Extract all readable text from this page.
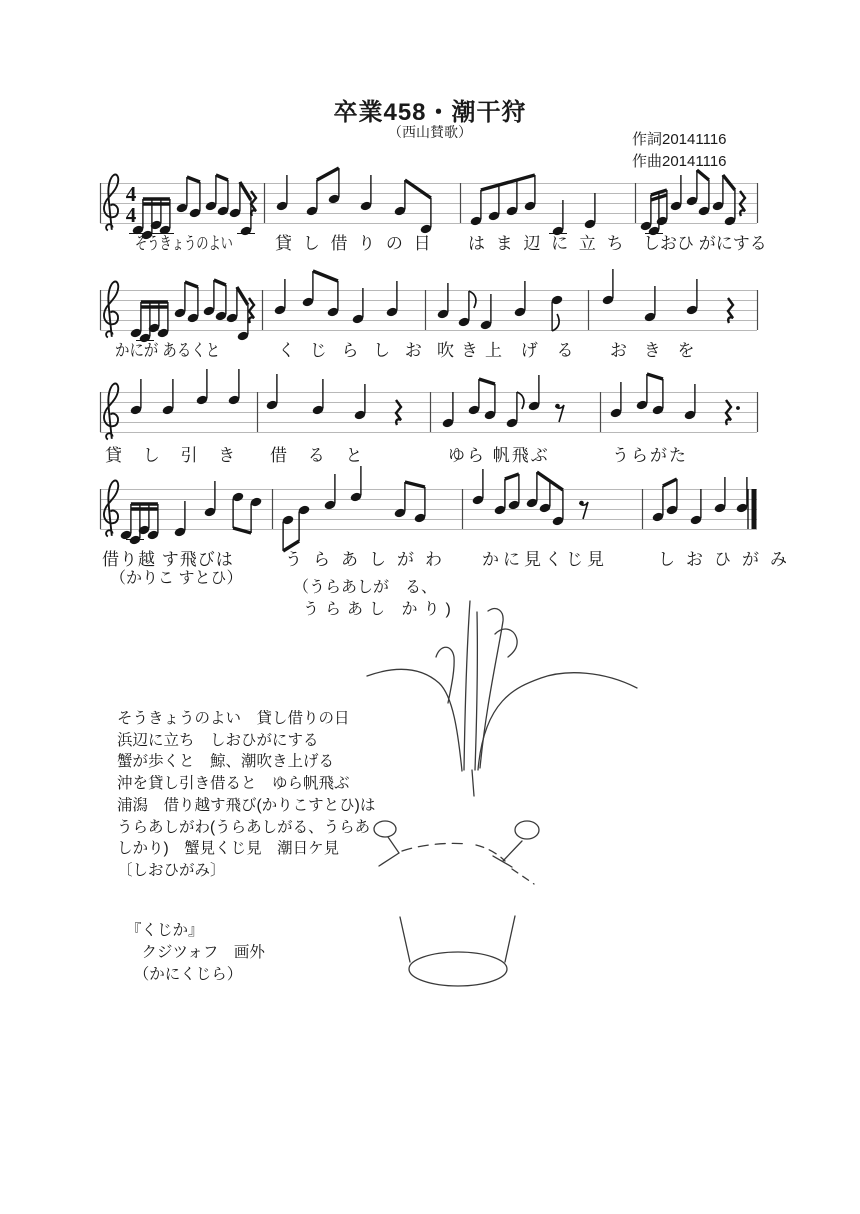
4
4
卒業458・潮干狩
（西山賛歌）	作詞20141116
作曲20141116
そうきょうのよい	貸 し 借 り の 日 は ま 辺 に 立 ち しおひ がにする
かにが あるくと	く じ ら し お 吹き上 げ る お き を
貸 し 引 き 借 る と	ゆら 帆飛ぶ	うらがた
借り越 す飛びは	うらあしがわ かに見くじ見	しおひがみ
（かりこ すとひ）
（うらあしが　る、
うらあし かり)
そうきょうのよい　貸し借りの日
浜辺に立ち　しおひがにする
蟹が歩くと　鯨、潮吹き上げる
沖を貸し引き借ると　ゆら帆飛ぶ
浦潟　借り越す飛び(かりこすとひ)は
うらあしがわ(うらあしがる、うらあ
しかり)　蟹見くじ見　潮日ケ見
〔しおひがみ〕
『くじか』
　クジツォフ　画外
　（かにくじら）
